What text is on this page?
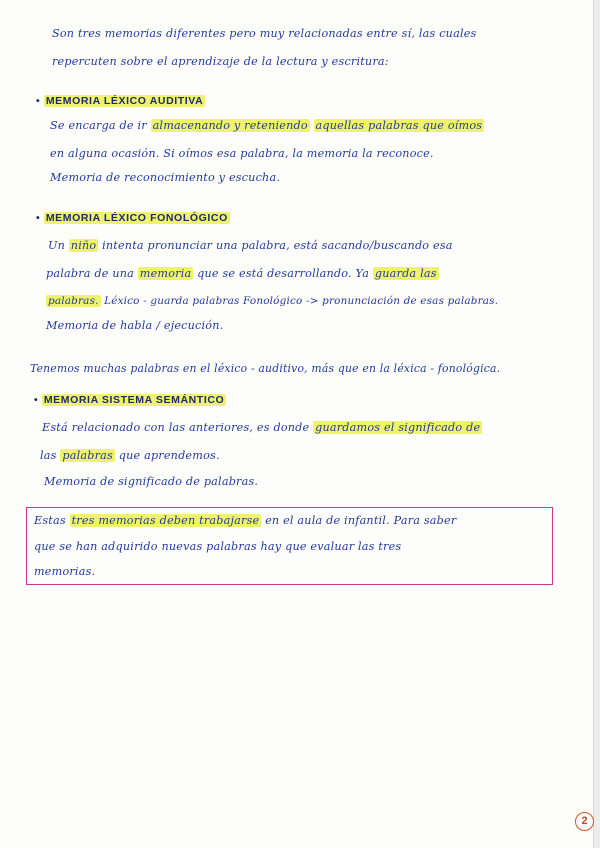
Son tres memorias diferentes pero muy relacionadas entre sí, las cuales
repercuten sobre el aprendizaje de la lectura y escritura:
• MEMORIA LÉXICO AUDITIVA
Se encarga de ir almacenando y reteniendo aquellas palabras que oímos
en alguna ocasión. Si oímos esa palabra, la memoria la reconoce.
Memoria de reconocimiento y escucha.
• MEMORIA LÉXICO FONOLÓGICO
Un niño intenta pronunciar una palabra, está sacando/buscando esa
palabra de una memoria que se está desarrollando. Ya guarda las
palabras. Léxico - guarda palabras Fonológico -> pronunciación de esas palabras.
Memoria de habla / ejecución.
Tenemos muchas palabras en el léxico - auditivo, más que en la léxica - fonológica.
• MEMORIA SISTEMA SEMÁNTICO
Está relacionado con las anteriores, es donde guardamos el significado de
las palabras que aprendemos.
Memoria de significado de palabras.
Estas tres memorias deben trabajarse en el aula de infantil. Para saber
que se han adquirido nuevas palabras hay que evaluar las tres
memorias.
2
